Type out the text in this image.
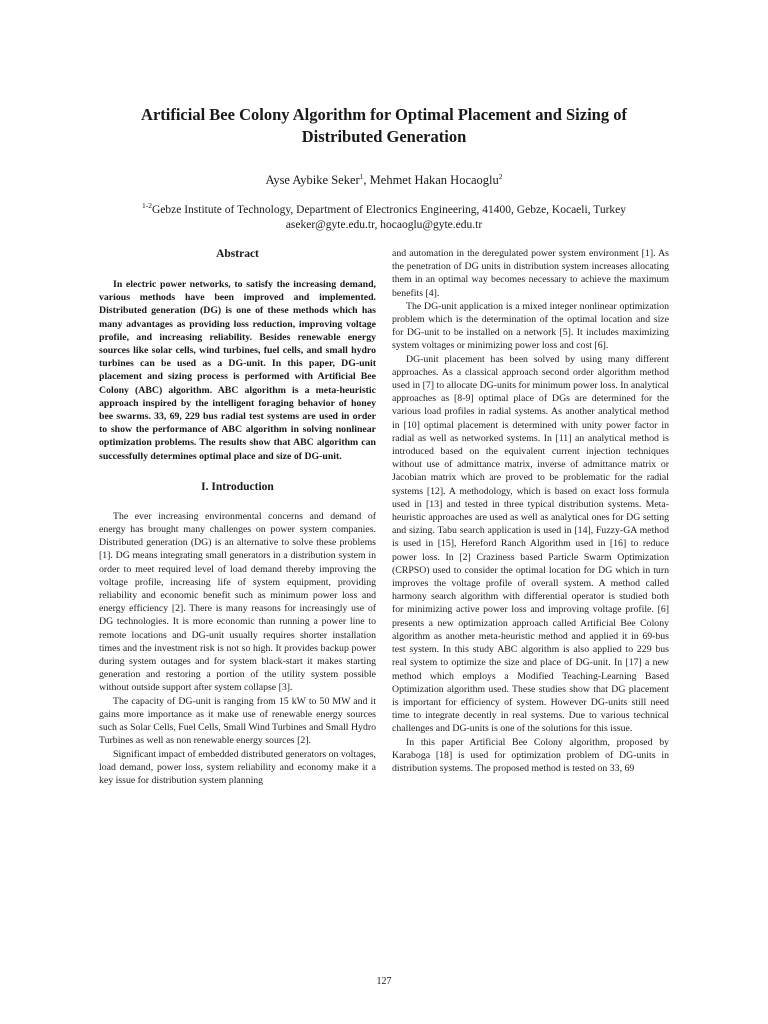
Artificial Bee Colony Algorithm for Optimal Placement and Sizing of Distributed Generation
Ayse Aybike Seker$^1$, Mehmet Hakan Hocaoglu$^2$
$^{1-2}$Gebze Institute of Technology, Department of Electronics Engineering, 41400, Gebze, Kocaeli, Turkey
aseker@gyte.edu.tr, hocaoglu@gyte.edu.tr
Abstract

In electric power networks, to satisfy the increasing demand, various methods have been improved and implemented. Distributed generation (DG) is one of these methods which has many advantages as providing loss reduction, improving voltage profile, and increasing reliability. Besides renewable energy sources like solar cells, wind turbines, fuel cells, and small hydro turbines can be used as a DG-unit. In this paper, DG-unit placement and sizing process is performed with Artificial Bee Colony (ABC) algorithm. ABC algorithm is a meta-heuristic approach inspired by the intelligent foraging behavior of honey bee swarms. 33, 69, 229 bus radial test systems are used in order to show the performance of ABC algorithm in solving nonlinear optimization problems. The results show that ABC algorithm can successfully determines optimal place and size of DG-unit.

I. Introduction

The ever increasing environmental concerns and demand of energy has brought many challenges on power system companies. Distributed generation (DG) is an alternative to solve these problems [1]. DG means integrating small generators in a distribution system in order to meet required level of load demand thereby improving the voltage profile, increasing life of system equipment, providing reliability and economic benefit such as minimum power loss and energy efficiency [2]. There is many reasons for increasingly use of DG technologies. It is more economic than running a power line to remote locations and DG-unit usually requires shorter installation times and the investment risk is not so high. It provides backup power during system outages and for system black-start it makes starting generation and restoring a portion of the utility system possible without outside support after system collapse [3].

The capacity of DG-unit is ranging from 15 kW to 50 MW and it gains more importance as it make use of renewable energy sources such as Solar Cells, Fuel Cells, Small Wind Turbines and Small Hydro Turbines as well as non renewable energy sources [2].

Significant impact of embedded distributed generators on voltages, load demand, power loss, system reliability and economy make it a key issue for distribution system planning

and automation in the deregulated power system environment [1]. As the penetration of DG units in distribution system increases allocating them in an optimal way becomes necessary to achieve the maximum benefits [4].

The DG-unit application is a mixed integer nonlinear optimization problem which is the determination of the optimal location and size for DG-unit to be installed on a network [5]. It includes maximizing system voltages or minimizing power loss and cost [6].

DG-unit placement has been solved by using many different approaches. As a classical approach second order algorithm method used in [7] to allocate DG-units for minimum power loss. In analytical approaches as [8-9] optimal place of DGs are determined for the various load profiles in radial systems. As another analytical method in [10] optimal placement is determined with unity power factor in radial as well as networked systems. In [11] an analytical method is introduced based on the equivalent current injection techniques without use of admittance matrix, inverse of admittance matrix or Jacobian matrix which are proved to be problematic for the radial systems [12]. A methodology, which is based on exact loss formula used in [13] and tested in three typical distribution systems. Meta-heuristic approaches are used as well as analytical ones for DG setting and sizing. Tabu search application is used in [14], Fuzzy-GA method is used in [15], Hereford Ranch Algorithm used in [16] to reduce power loss. In [2] Craziness based Particle Swarm Optimization (CRPSO) used to consider the optimal location for DG which in turn improves the voltage profile of overall system. A method called harmony search algorithm with differential operator is studied both for minimizing active power loss and improving voltage profile. [6] presents a new optimization approach called Artificial Bee Colony algorithm as another meta-heuristic method and applied it in 69-bus test system. In this study ABC algorithm is also applied to 229 bus real system to optimize the size and place of DG-unit. In [17] a new method which employs a Modified Teaching-Learning Based Optimization algorithm used. These studies show that DG placement is important for efficiency of system. However DG-units still need time to integrate decently in real systems. Due to various technical challenges and DG-units is one of the solutions for this issue.

In this paper Artificial Bee Colony algorithm, proposed by Karaboga [18] is used for optimization problem of DG-units in distribution systems. The proposed method is tested on 33, 69

127
